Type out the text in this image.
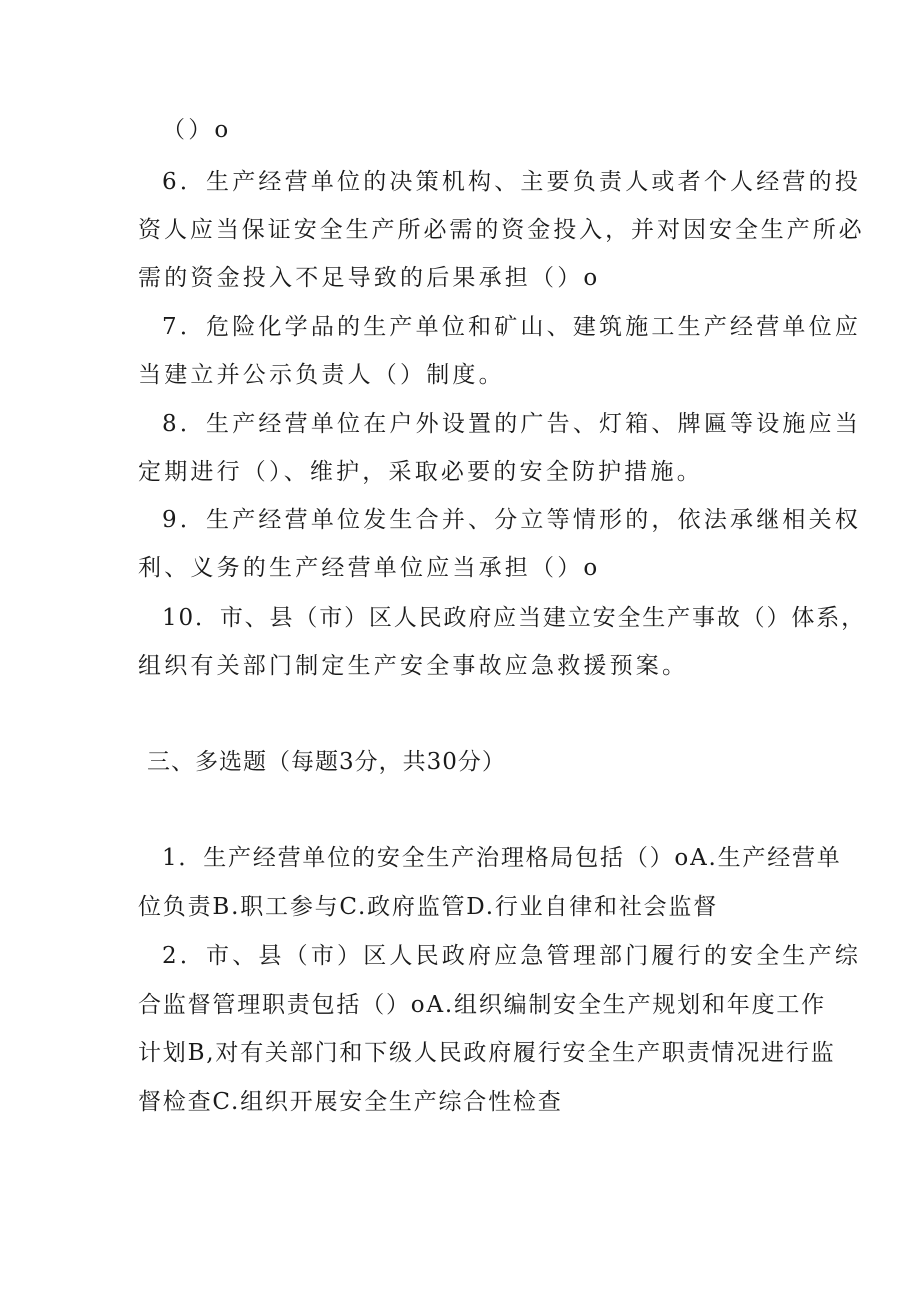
（）o
6．生产经营单位的决策机构、主要负责人或者个人经营的投
资人应当保证安全生产所必需的资金投入，并对因安全生产所必
需的资金投入不足导致的后果承担（）o
7．危险化学品的生产单位和矿山、建筑施工生产经营单位应
当建立并公示负责人（）制度。
8．生产经营单位在户外设置的广告、灯箱、牌匾等设施应当
定期进行（）、维护，采取必要的安全防护措施。
9．生产经营单位发生合并、分立等情形的，依法承继相关权
利、义务的生产经营单位应当承担（）o
10．市、县（市）区人民政府应当建立安全生产事故（）体系，
组织有关部门制定生产安全事故应急救援预案。
三、多选题（每题3分，共30分）
1．生产经营单位的安全生产治理格局包括（）oA.生产经营单
位负责B.职工参与C.政府监管D.行业自律和社会监督
2．市、县（市）区人民政府应急管理部门履行的安全生产综
合监督管理职责包括（）oA.组织编制安全生产规划和年度工作
计划B,对有关部门和下级人民政府履行安全生产职责情况进行监
督检查C.组织开展安全生产综合性检查
